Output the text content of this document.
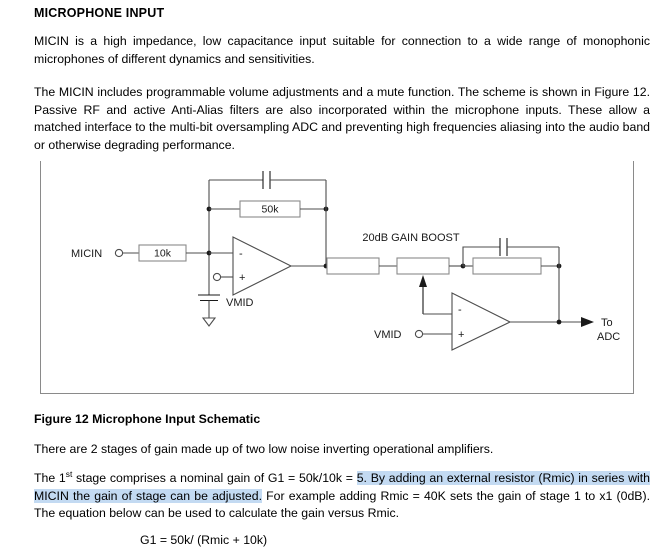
MICROPHONE INPUT
MICIN is a high impedance, low capacitance input suitable for connection to a wide range of monophonic microphones of different dynamics and sensitivities.
The MICIN includes programmable volume adjustments and a mute function. The scheme is shown in Figure 12. Passive RF and active Anti-Alias filters are also incorporated within the microphone inputs. These allow a matched interface to the multi-bit oversampling ADC and preventing high frequencies aliasing into the audio band or otherwise degrading performance.
MICIN	10k
50k
-
+
VMID
20dB GAIN BOOST
-
+
VMID
To
ADC
Figure 12 Microphone Input Schematic
There are 2 stages of gain made up of two low noise inverting operational amplifiers.
The 1st stage comprises a nominal gain of G1 = 50k/10k = 5. By adding an external resistor (Rmic) in series with MICIN the gain of stage can be adjusted. For example adding Rmic = 40K sets the gain of stage 1 to x1 (0dB). The equation below can be used to calculate the gain versus Rmic.
G1 = 50k/ (Rmic + 10k)
